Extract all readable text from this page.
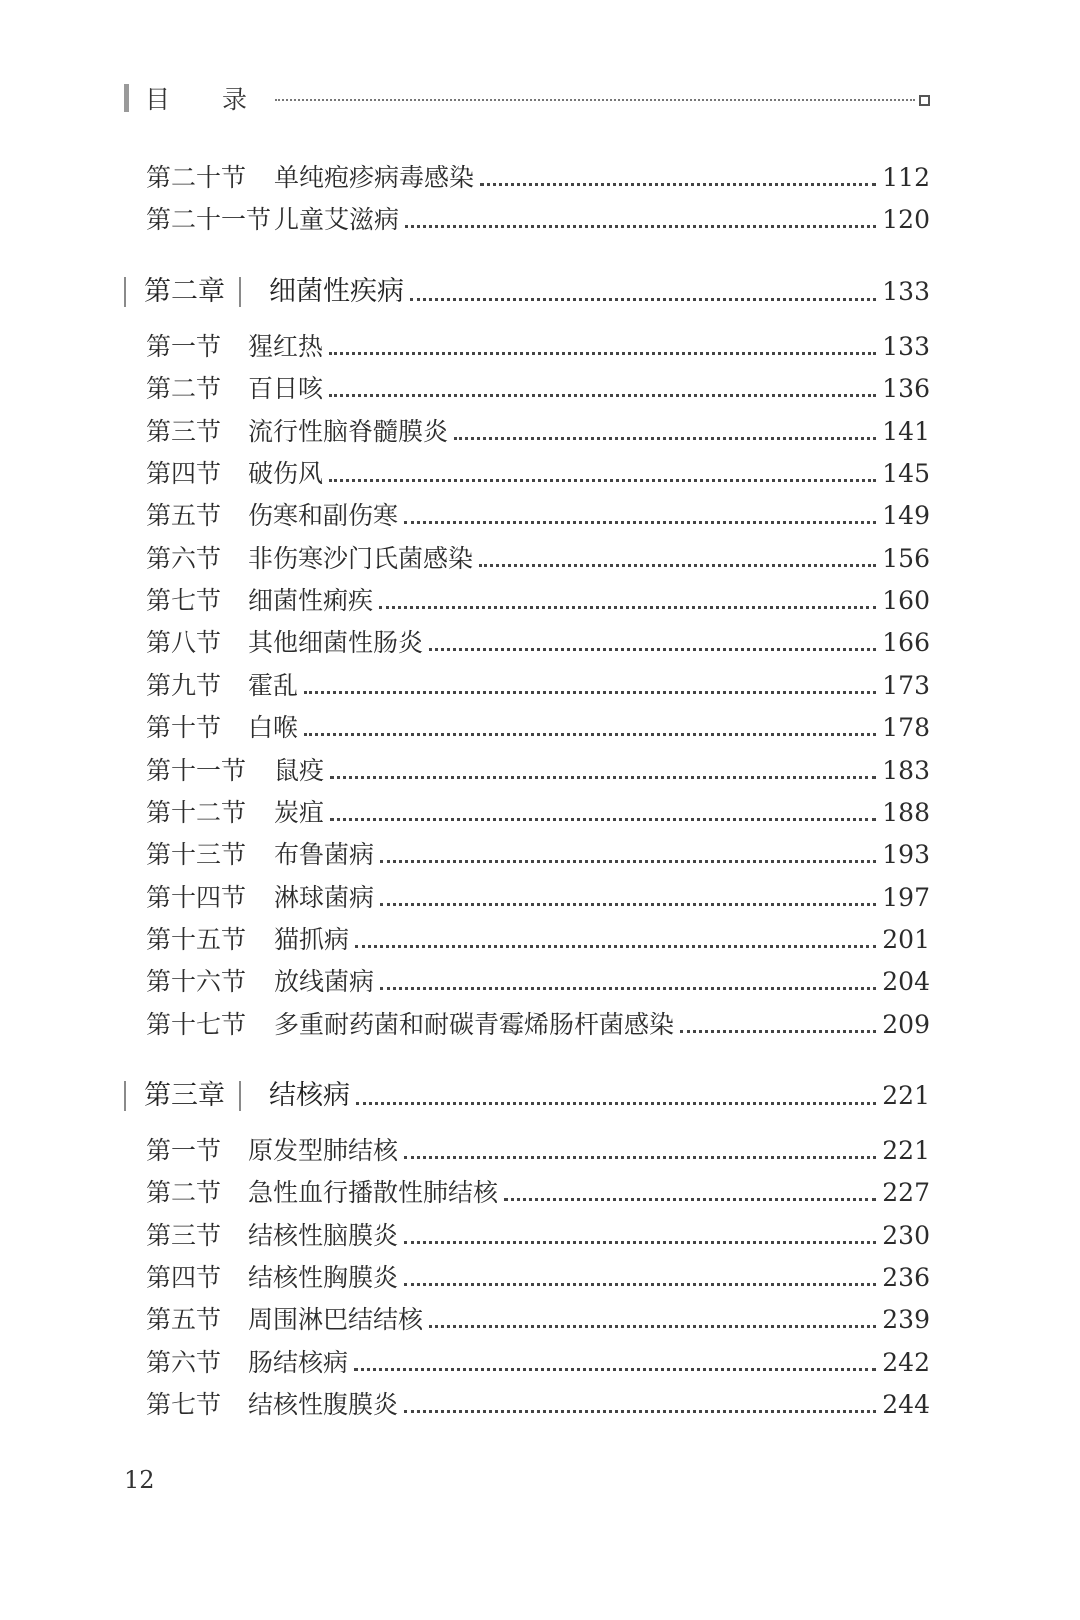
目 录
第二十节	单纯疱疹病毒感染	112
第二十一节 儿童艾滋病	120
第二章 细菌性疾病	133
第一节	猩红热	133
第二节	百日咳	136
第三节	流行性脑脊髓膜炎	141
第四节	破伤风	145
第五节	伤寒和副伤寒	149
第六节	非伤寒沙门氏菌感染	156
第七节	细菌性痢疾	160
第八节	其他细菌性肠炎	166
第九节	霍乱	173
第十节	白喉	178
第十一节	鼠疫	183
第十二节	炭疽	188
第十三节	布鲁菌病	193
第十四节	淋球菌病	197
第十五节	猫抓病	201
第十六节	放线菌病	204
第十七节	多重耐药菌和耐碳青霉烯肠杆菌感染	209
第三章 结核病	221
第一节	原发型肺结核	221
第二节	急性血行播散性肺结核	227
第三节	结核性脑膜炎	230
第四节	结核性胸膜炎	236
第五节	周围淋巴结结核	239
第六节	肠结核病	242
第七节	结核性腹膜炎	244
12
